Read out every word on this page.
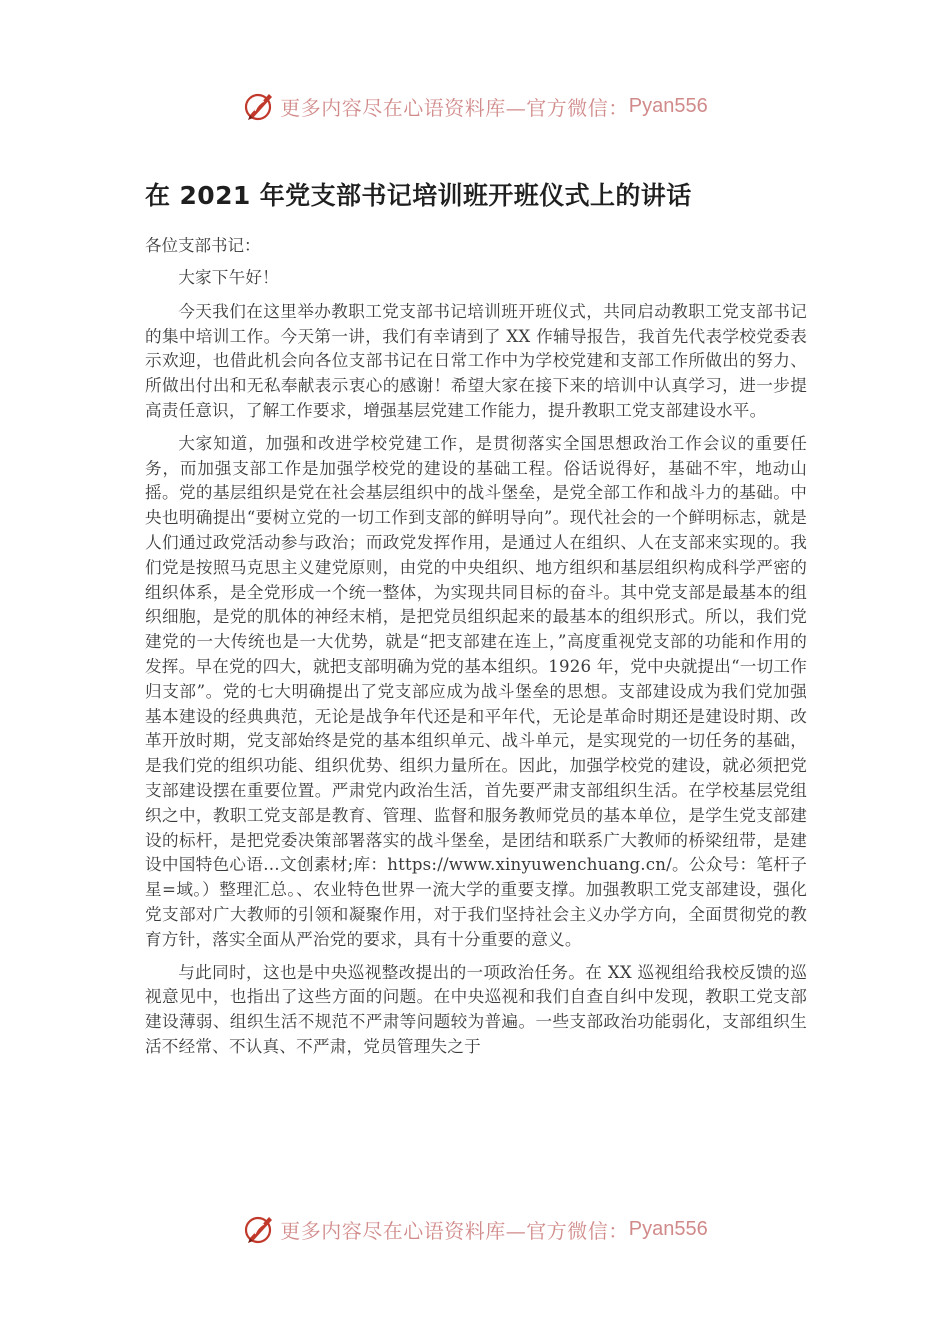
更多内容尽在心语资料库—官方微信： Pyan556
在 2021 年党支部书记培训班开班仪式上的讲话
各位支部书记：

大家下午好！

今天我们在这里举办教职工党支部书记培训班开班仪式，共同启动教职工党支部书记的集中培训工作。今天第一讲，我们有幸请到了 XX 作辅导报告，我首先代表学校党委表示欢迎，也借此机会向各位支部书记在日常工作中为学校党建和支部工作所做出的努力、所做出付出和无私奉献表示衷心的感谢！希望大家在接下来的培训中认真学习，进一步提高责任意识，了解工作要求，增强基层党建工作能力，提升教职工党支部建设水平。

大家知道，加强和改进学校党建工作，是贯彻落实全国思想政治工作会议的重要任务，而加强支部工作是加强学校党的建设的基础工程。俗话说得好，基础不牢，地动山摇。党的基层组织是党在社会基层组织中的战斗堡垒，是党全部工作和战斗力的基础。中央也明确提出“要树立党的一切工作到支部的鲜明导向”。现代社会的一个鲜明标志，就是人们通过政党活动参与政治；而政党发挥作用，是通过人在组织、人在支部来实现的。我们党是按照马克思主义建党原则，由党的中央组织、地方组织和基层组织构成科学严密的组织体系，是全党形成一个统一整体，为实现共同目标的奋斗。其中党支部是最基本的组织细胞，是党的肌体的神经末梢，是把党员组织起来的最基本的组织形式。所以，我们党建党的一大传统也是一大优势，就是“把支部建在连上，”高度重视党支部的功能和作用的发挥。早在党的四大，就把支部明确为党的基本组织。1926 年，党中央就提出“一切工作归支部”。党的七大明确提出了党支部应成为战斗堡垒的思想。支部建设成为我们党加强基本建设的经典典范，无论是战争年代还是和平年代，无论是革命时期还是建设时期、改革开放时期，党支部始终是党的基本组织单元、战斗单元，是实现党的一切任务的基础，是我们党的组织功能、组织优势、组织力量所在。因此，加强学校党的建设，就必须把党支部建设摆在重要位置。严肃党内政治生活，首先要严肃支部组织生活。在学校基层党组织之中，教职工党支部是教育、管理、监督和服务教师党员的基本单位，是学生党支部建设的标杆，是把党委决策部署落实的战斗堡垒，是团结和联系广大教师的桥梁纽带，是建设中国特色心语…文创素材;库：https://www.xinyuwenchuang.cn/。公众号：笔杆子星=域。）整理汇总。、农业特色世界一流大学的重要支撑。加强教职工党支部建设，强化党支部对广大教师的引领和凝聚作用，对于我们坚持社会主义办学方向，全面贯彻党的教育方针，落实全面从严治党的要求，具有十分重要的意义。

与此同时，这也是中央巡视整改提出的一项政治任务。在 XX 巡视组给我校反馈的巡视意见中，也指出了这些方面的问题。在中央巡视和我们自查自纠中发现，教职工党支部建设薄弱、组织生活不规范不严肃等问题较为普遍。一些支部政治功能弱化，支部组织生活不经常、不认真、不严肃，党员管理失之于

更多内容尽在心语资料库—官方微信： Pyan556
